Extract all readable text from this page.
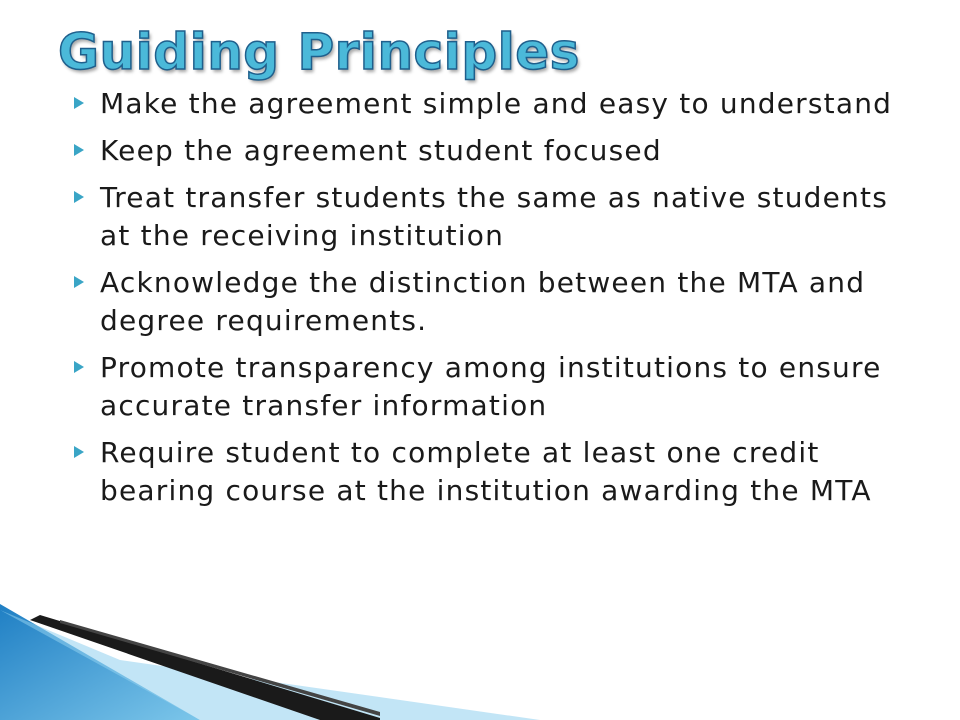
Guiding Principles
Make the agreement simple and easy to understand
Keep the agreement student focused
Treat transfer students the same as native students at the receiving institution
Acknowledge the distinction between the MTA and degree requirements.
Promote transparency among institutions to ensure accurate transfer information
Require student to complete at least one credit bearing course at the institution awarding the MTA
